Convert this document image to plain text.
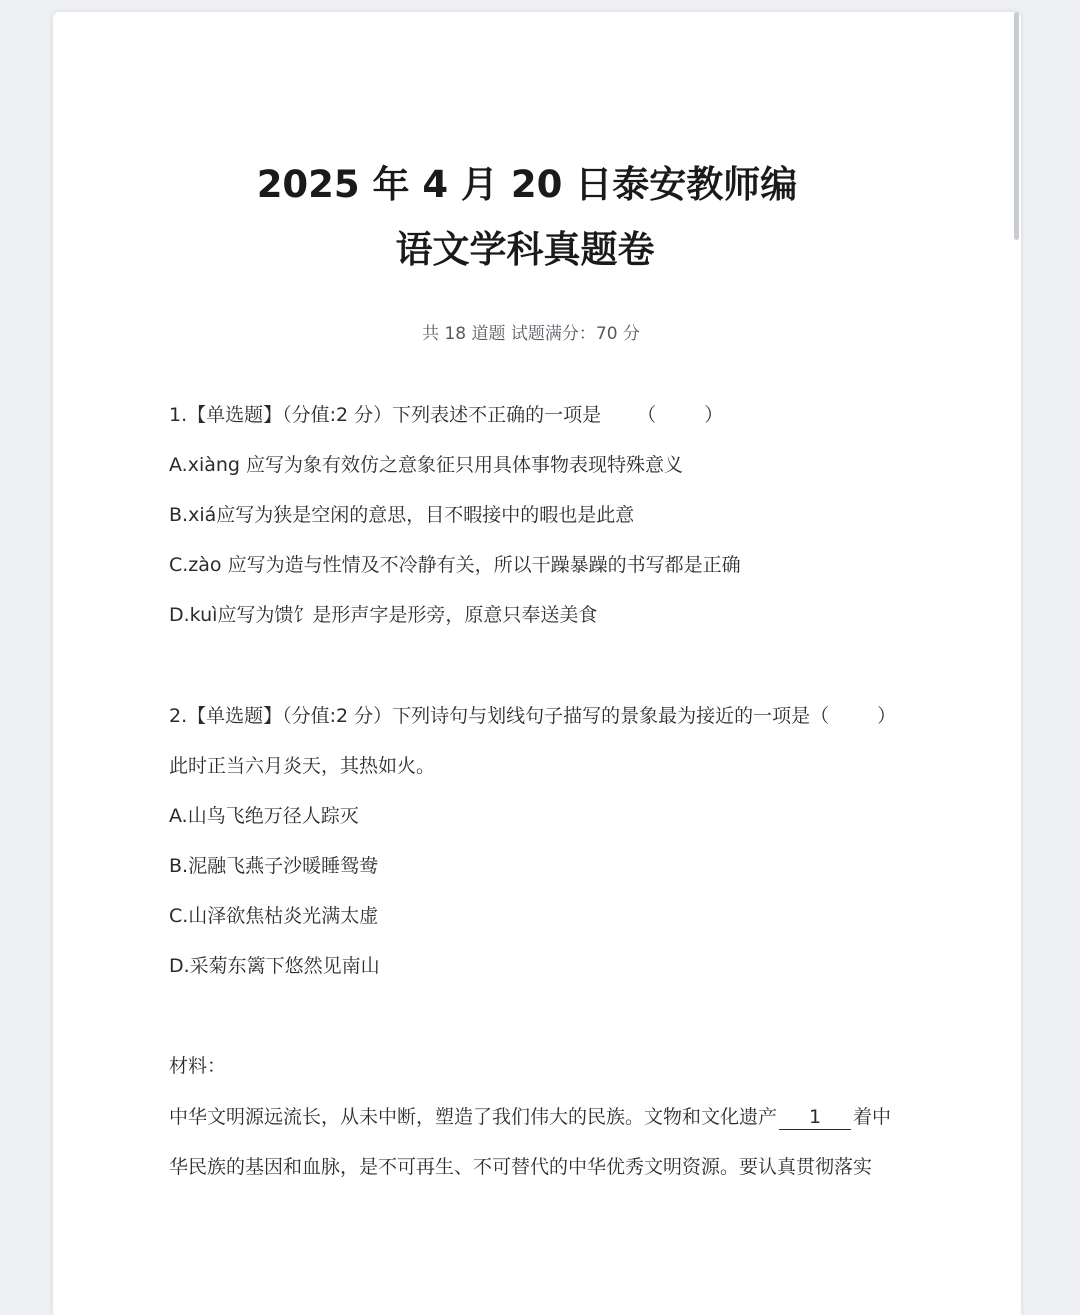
2025 年 4 月 20 日泰安教师编
语文学科真题卷
共 18 道题 试题满分：70 分
1.【单选题】（分值:2 分）下列表述不正确的一项是 （	）
A.xiàng 应写为象有效仿之意象征只用具体事物表现特殊意义
B.xiá应写为狭是空闲的意思，目不暇接中的暇也是此意
C.zào 应写为造与性情及不冷静有关，所以干躁暴躁的书写都是正确
D.kuì应写为馈饣是形声字是形旁，原意只奉送美食
2.【单选题】（分值:2 分）下列诗句与划线句子描写的景象最为接近的一项是（	）
此时正当六月炎天，其热如火。
A.山鸟飞绝万径人踪灭
B.泥融飞燕子沙暖睡鸳鸯
C.山泽欲焦枯炎光满太虚
D.采菊东篱下悠然见南山
材料：
中华文明源远流长，从未中断，塑造了我们伟大的民族。文物和文化遗产 1 着中
华民族的基因和血脉，是不可再生、不可替代的中华优秀文明资源。要认真贯彻落实
